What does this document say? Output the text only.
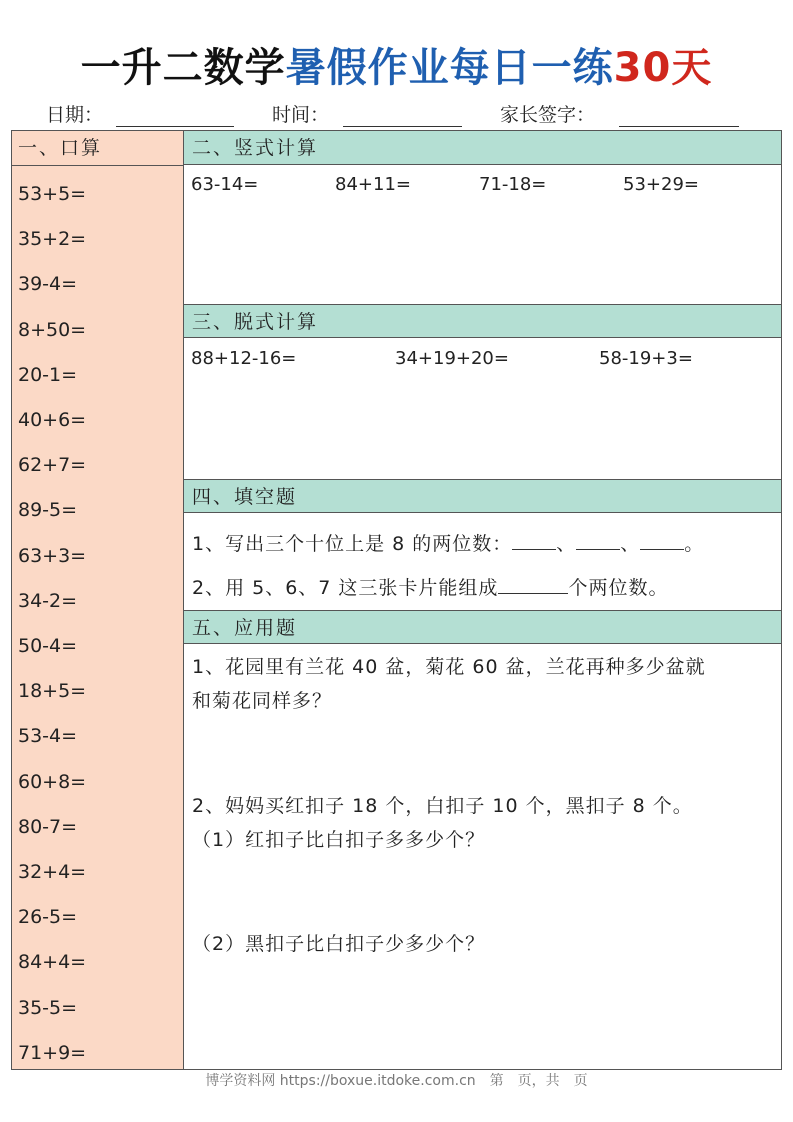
一升二数学暑假作业每日一练30天
日期：	时间：	家长签字：
一、口算
53+5=
35+2=
39-4=
8+50=
20-1=
40+6=
62+7=
89-5=
63+3=
34-2=
50-4=
18+5=
53-4=
60+8=
80-7=
32+4=
26-5=
84+4=
35-5=
71+9=
二、竖式计算
63-14=	84+11=	71-18=	53+29=
三、脱式计算
88+12-16=	34+19+20=	58-19+3=
四、填空题
1、写出三个十位上是 8 的两位数： 、 、 。
2、用 5、6、7 这三张卡片能组成	个两位数。
五、应用题
1、花园里有兰花 40 盆，菊花 60 盆，兰花再种多少盆就
和菊花同样多？
2、妈妈买红扣子 18 个，白扣子 10 个，黑扣子 8 个。
（1）红扣子比白扣子多多少个？
（2）黑扣子比白扣子少多少个？
博学资料网 https://boxue.itdoke.com.cn　第　页，共　页
